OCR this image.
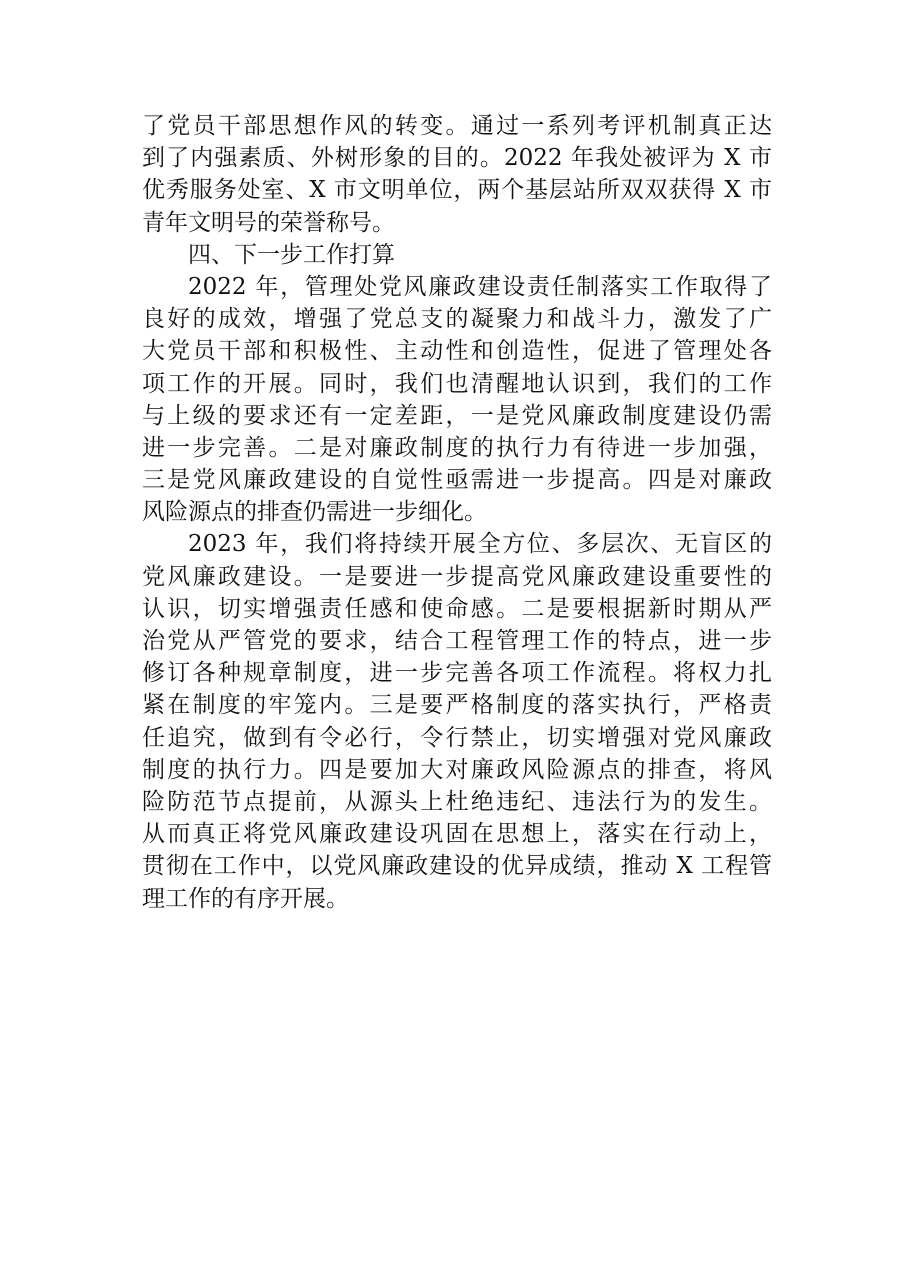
了党员干部思想作风的转变。通过一系列考评机制真正达
到了内强素质、外树形象的目的。2022 年我处被评为 X 市
优秀服务处室、X 市文明单位，两个基层站所双双获得 X 市
青年文明号的荣誉称号。
四、下一步工作打算
2022 年，管理处党风廉政建设责任制落实工作取得了
良好的成效，增强了党总支的凝聚力和战斗力，激发了广
大党员干部和积极性、主动性和创造性，促进了管理处各
项工作的开展。同时，我们也清醒地认识到，我们的工作
与上级的要求还有一定差距，一是党风廉政制度建设仍需
进一步完善。二是对廉政制度的执行力有待进一步加强，
三是党风廉政建设的自觉性亟需进一步提高。四是对廉政
风险源点的排查仍需进一步细化。
2023 年，我们将持续开展全方位、多层次、无盲区的
党风廉政建设。一是要进一步提高党风廉政建设重要性的
认识，切实增强责任感和使命感。二是要根据新时期从严
治党从严管党的要求，结合工程管理工作的特点，进一步
修订各种规章制度，进一步完善各项工作流程。将权力扎
紧在制度的牢笼内。三是要严格制度的落实执行，严格责
任追究，做到有令必行，令行禁止，切实增强对党风廉政
制度的执行力。四是要加大对廉政风险源点的排查，将风
险防范节点提前，从源头上杜绝违纪、违法行为的发生。
从而真正将党风廉政建设巩固在思想上，落实在行动上，
贯彻在工作中，以党风廉政建设的优异成绩，推动 X 工程管
理工作的有序开展。
